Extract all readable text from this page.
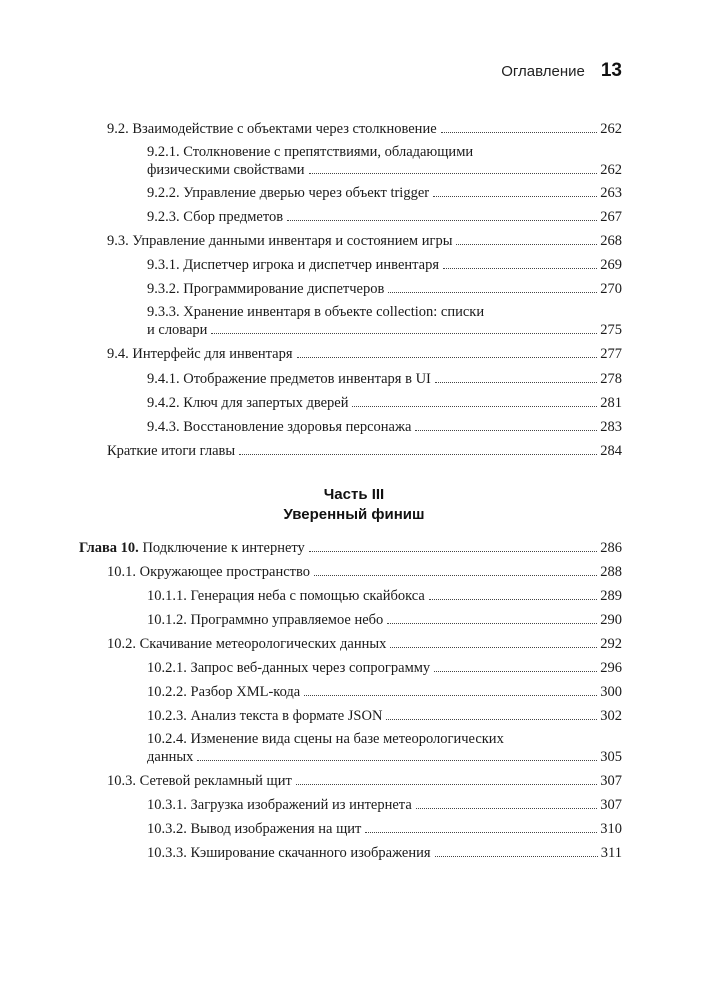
Оглавление 13
9.2. Взаимодействие с объектами через столкновение	262
9.2.1. Столкновение с препятствиями, обладающими
физическими свойствами	262
9.2.2. Управление дверью через объект trigger	263
9.2.3. Сбор предметов	267
9.3. Управление данными инвентаря и состоянием игры	268
9.3.1. Диспетчер игрока и диспетчер инвентаря	269
9.3.2. Программирование диспетчеров	270
9.3.3. Хранение инвентаря в объекте collection: списки
и словари	275
9.4. Интерфейс для инвентаря	277
9.4.1. Отображение предметов инвентаря в UI	278
9.4.2. Ключ для запертых дверей	281
9.4.3. Восстановление здоровья персонажа	283
Краткие итоги главы	284
Часть III
Уверенный финиш
Глава 10. Подключение к интернету	286
10.1. Окружающее пространство	288
10.1.1. Генерация неба с помощью скайбокса	289
10.1.2. Программно управляемое небо	290
10.2. Скачивание метеорологических данных	292
10.2.1. Запрос веб-данных через сопрограмму	296
10.2.2. Разбор XML-кода	300
10.2.3. Анализ текста в формате JSON	302
10.2.4. Изменение вида сцены на базе метеорологических
данных	305
10.3. Сетевой рекламный щит	307
10.3.1. Загрузка изображений из интернета	307
10.3.2. Вывод изображения на щит	310
10.3.3. Кэширование скачанного изображения	311
